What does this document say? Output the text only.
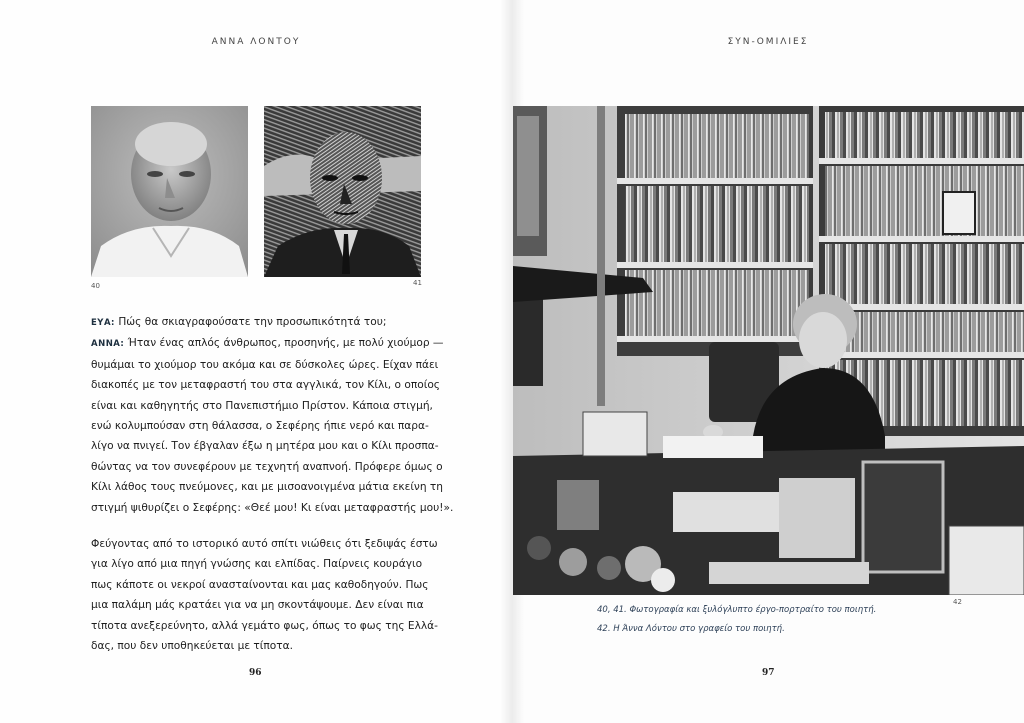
ΑΝΝΑ ΛΟΝΤΟΥ
40	41
ΕΥΑ: Πώς θα σκιαγραφούσατε την προσωπικότητά του;
ΑΝΝΑ: Ήταν ένας απλός άνθρωπος, προσηνής, με πολύ χιούμορ —
θυμάμαι το χιούμορ του ακόμα και σε δύσκολες ώρες. Είχαν πάει
διακοπές με τον μεταφραστή του στα αγγλικά, τον Κίλι, ο οποίος
είναι και καθηγητής στο Πανεπιστήμιο Πρίστον. Κάποια στιγμή,
ενώ κολυμπούσαν στη θάλασσα, ο Σεφέρης ήπιε νερό και παρα-
λίγο να πνιγεί. Τον έβγαλαν έξω η μητέρα μου και ο Κίλι προσπα-
θώντας να τον συνεφέρουν με τεχνητή αναπνοή. Πρόφερε όμως ο
Κίλι λάθος τους πνεύμονες, και με μισοανοιγμένα μάτια εκείνη τη
στιγμή ψιθυρίζει ο Σεφέρης: «Θεέ μου! Κι είναι μεταφραστής μου!».
Φεύγοντας από το ιστορικό αυτό σπίτι νιώθεις ότι ξεδιψάς έστω
για λίγο από μια πηγή γνώσης και ελπίδας. Παίρνεις κουράγιο
πως κάποτε οι νεκροί ανασταίνονται και μας καθοδηγούν. Πως
μια παλάμη μάς κρατάει για να μη σκοντάψουμε. Δεν είναι πια
τίποτα ανεξερεύνητο, αλλά γεμάτο φως, όπως το φως της Ελλά-
δας, που δεν υποθηκεύεται με τίποτα.
96
ΣΥΝ-ΟΜΙΛΙΕΣ
97
42
40, 41. Φωτογραφία και ξυλόγλυπτο έργο-πορτραίτο του ποιητή.
42. Η Άννα Λόντου στο γραφείο του ποιητή.
